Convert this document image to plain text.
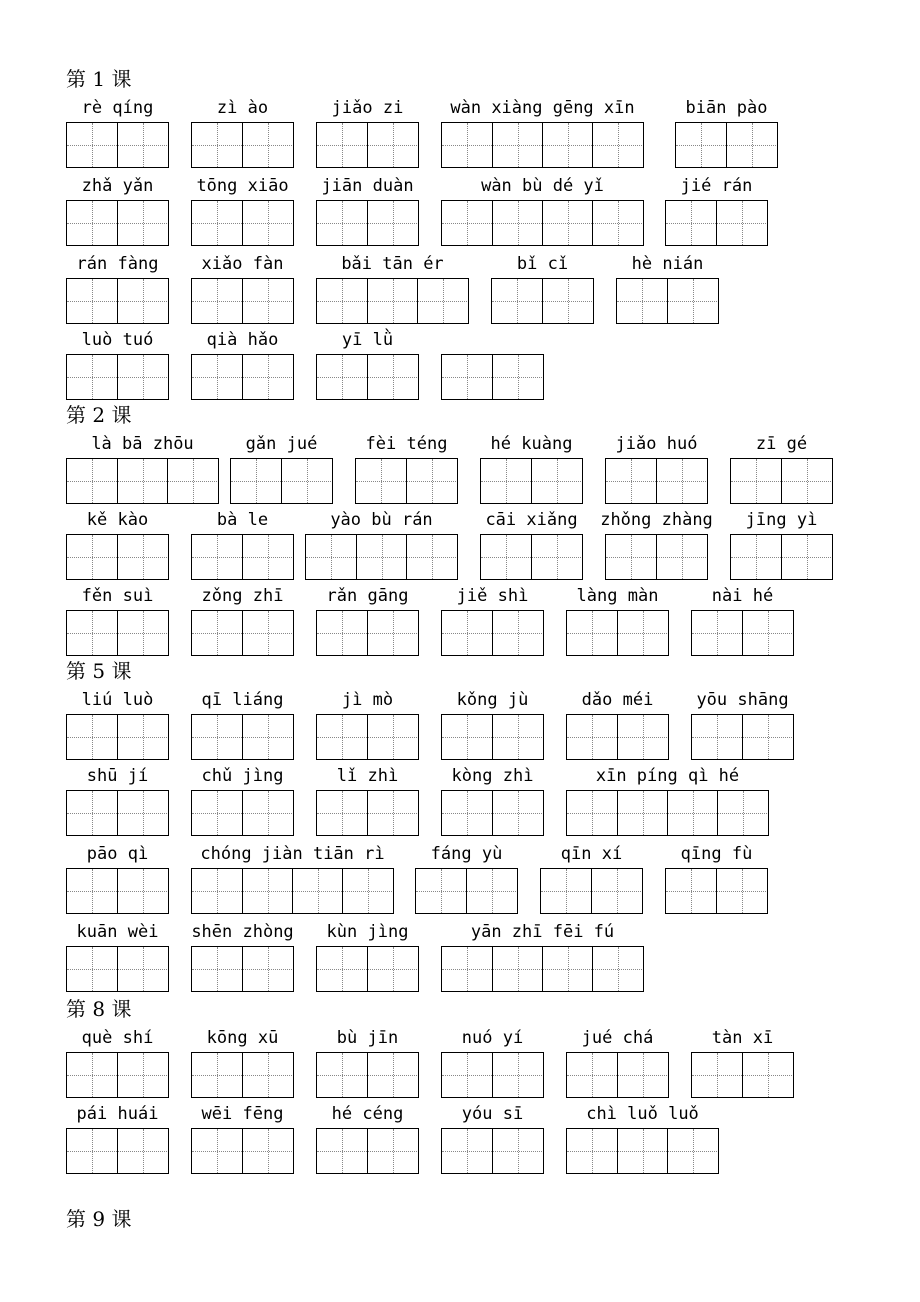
第 1 课
rè qíng	zì ào	jiǎo zi	wàn xiàng gēng xīn	biān pào
zhǎ yǎn	tōng xiāo	jiān duàn	wàn bù dé yǐ	jié rán
rán fàng	xiǎo fàn	bǎi tān ér	bǐ cǐ	hè nián
luò tuó	qià hǎo	yī lǜ
第 2 课
là bā zhōu	gǎn jué	fèi téng	hé kuàng	jiǎo huó	zī gé
kě kào	bà le	yào bù rán	cāi xiǎng	zhǒng zhàng	jīng yì
fěn suì	zǒng zhī	rǎn gāng	jiě shì	làng màn	nài hé
第 5 课
liú luò	qī liáng	jì mò	kǒng jù	dǎo méi	yōu shāng
shū jí	chǔ jìng	lǐ zhì	kòng zhì	xīn píng qì hé
pāo qì	chóng jiàn tiān rì	fáng yù	qīn xí	qīng fù
kuān wèi	shēn zhòng	kùn jìng	yān zhī fēi fú
第 8 课
què shí	kōng xū	bù jīn	nuó yí	jué chá	tàn xī
pái huái	wēi fēng	hé céng	yóu sī	chì luǒ luǒ
第 9 课
